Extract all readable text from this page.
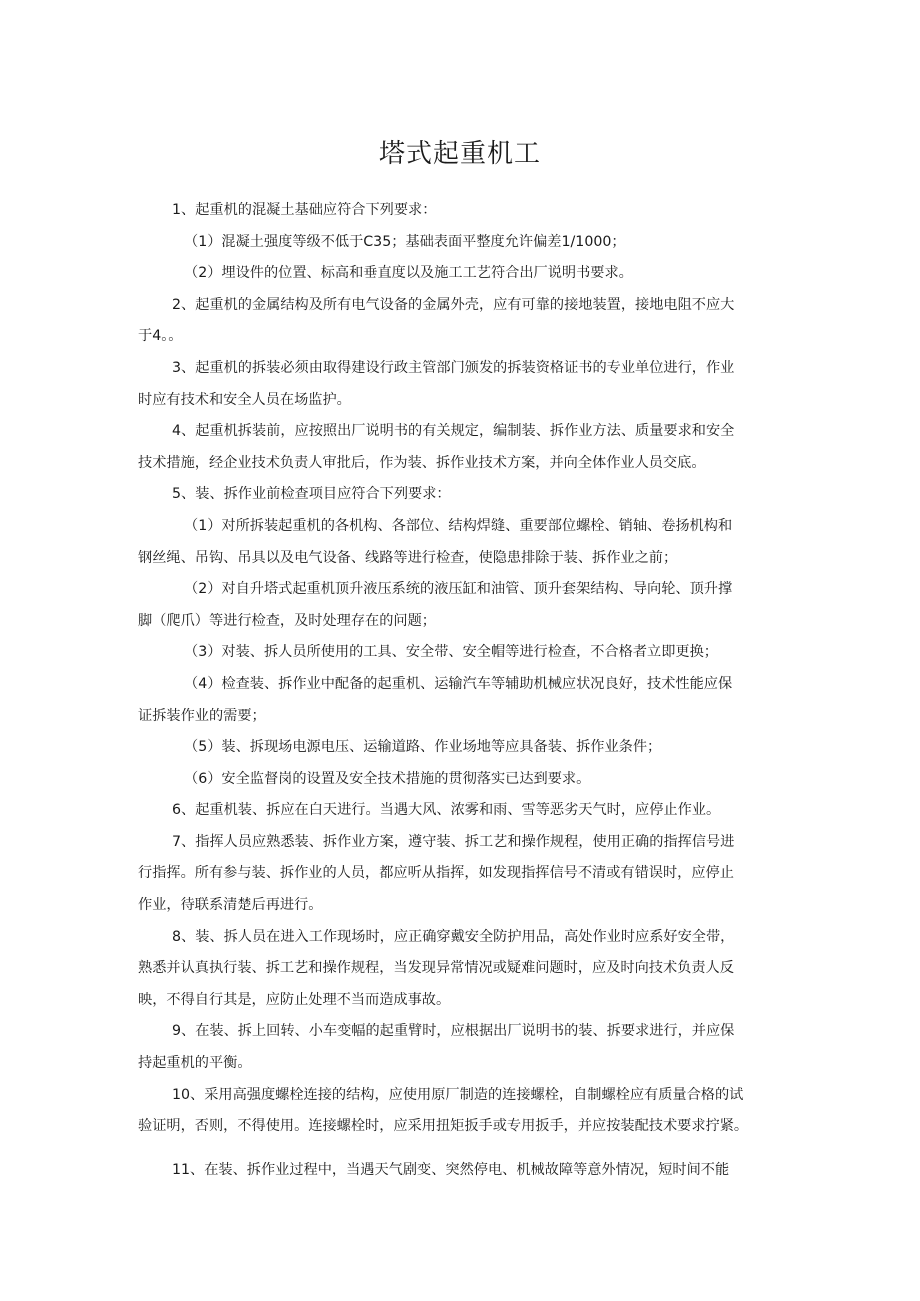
塔式起重机工

1、起重机的混凝土基础应符合下列要求：

（1）混凝土强度等级不低于C35；基础表面平整度允许偏差1/1000；

（2）埋设件的位置、标高和垂直度以及施工工艺符合出厂说明书要求。

2、起重机的金属结构及所有电气设备的金属外壳，应有可靠的接地装置，接地电阻不应大

于4。。

3、起重机的拆装必须由取得建设行政主管部门颁发的拆装资格证书的专业单位进行，作业

时应有技术和安全人员在场监护。

4、起重机拆装前，应按照出厂说明书的有关规定，编制装、拆作业方法、质量要求和安全

技术措施，经企业技术负责人审批后，作为装、拆作业技术方案，并向全体作业人员交底。

5、装、拆作业前检查项目应符合下列要求：

（1）对所拆装起重机的各机构、各部位、结构焊缝、重要部位螺栓、销轴、卷扬机构和

钢丝绳、吊钩、吊具以及电气设备、线路等进行检查，使隐患排除于装、拆作业之前；

（2）对自升塔式起重机顶升液压系统的液压缸和油管、顶升套架结构、导向轮、顶升撑

脚（爬爪）等进行检查，及时处理存在的问题；

（3）对装、拆人员所使用的工具、安全带、安全帽等进行检查，不合格者立即更换；

（4）检查装、拆作业中配备的起重机、运输汽车等辅助机械应状况良好，技术性能应保

证拆装作业的需要；

（5）装、拆现场电源电压、运输道路、作业场地等应具备装、拆作业条件；

（6）安全监督岗的设置及安全技术措施的贯彻落实已达到要求。

6、起重机装、拆应在白天进行。当遇大风、浓雾和雨、雪等恶劣天气时，应停止作业。

7、指挥人员应熟悉装、拆作业方案，遵守装、拆工艺和操作规程，使用正确的指挥信号进

行指挥。所有参与装、拆作业的人员，都应听从指挥，如发现指挥信号不清或有错误时，应停止

作业，待联系清楚后再进行。

8、装、拆人员在进入工作现场时，应正确穿戴安全防护用品，高处作业时应系好安全带，

熟悉并认真执行装、拆工艺和操作规程，当发现异常情况或疑难问题时，应及时向技术负责人反

映，不得自行其是，应防止处理不当而造成事故。

9、在装、拆上回转、小车变幅的起重臂时，应根据出厂说明书的装、拆要求进行，并应保

持起重机的平衡。

10、采用高强度螺栓连接的结构，应使用原厂制造的连接螺栓，自制螺栓应有质量合格的试

验证明，否则，不得使用。连接螺栓时，应采用扭矩扳手或专用扳手，并应按装配技术要求拧紧。

11、在装、拆作业过程中，当遇天气剧变、突然停电、机械故障等意外情况，短时间不能
